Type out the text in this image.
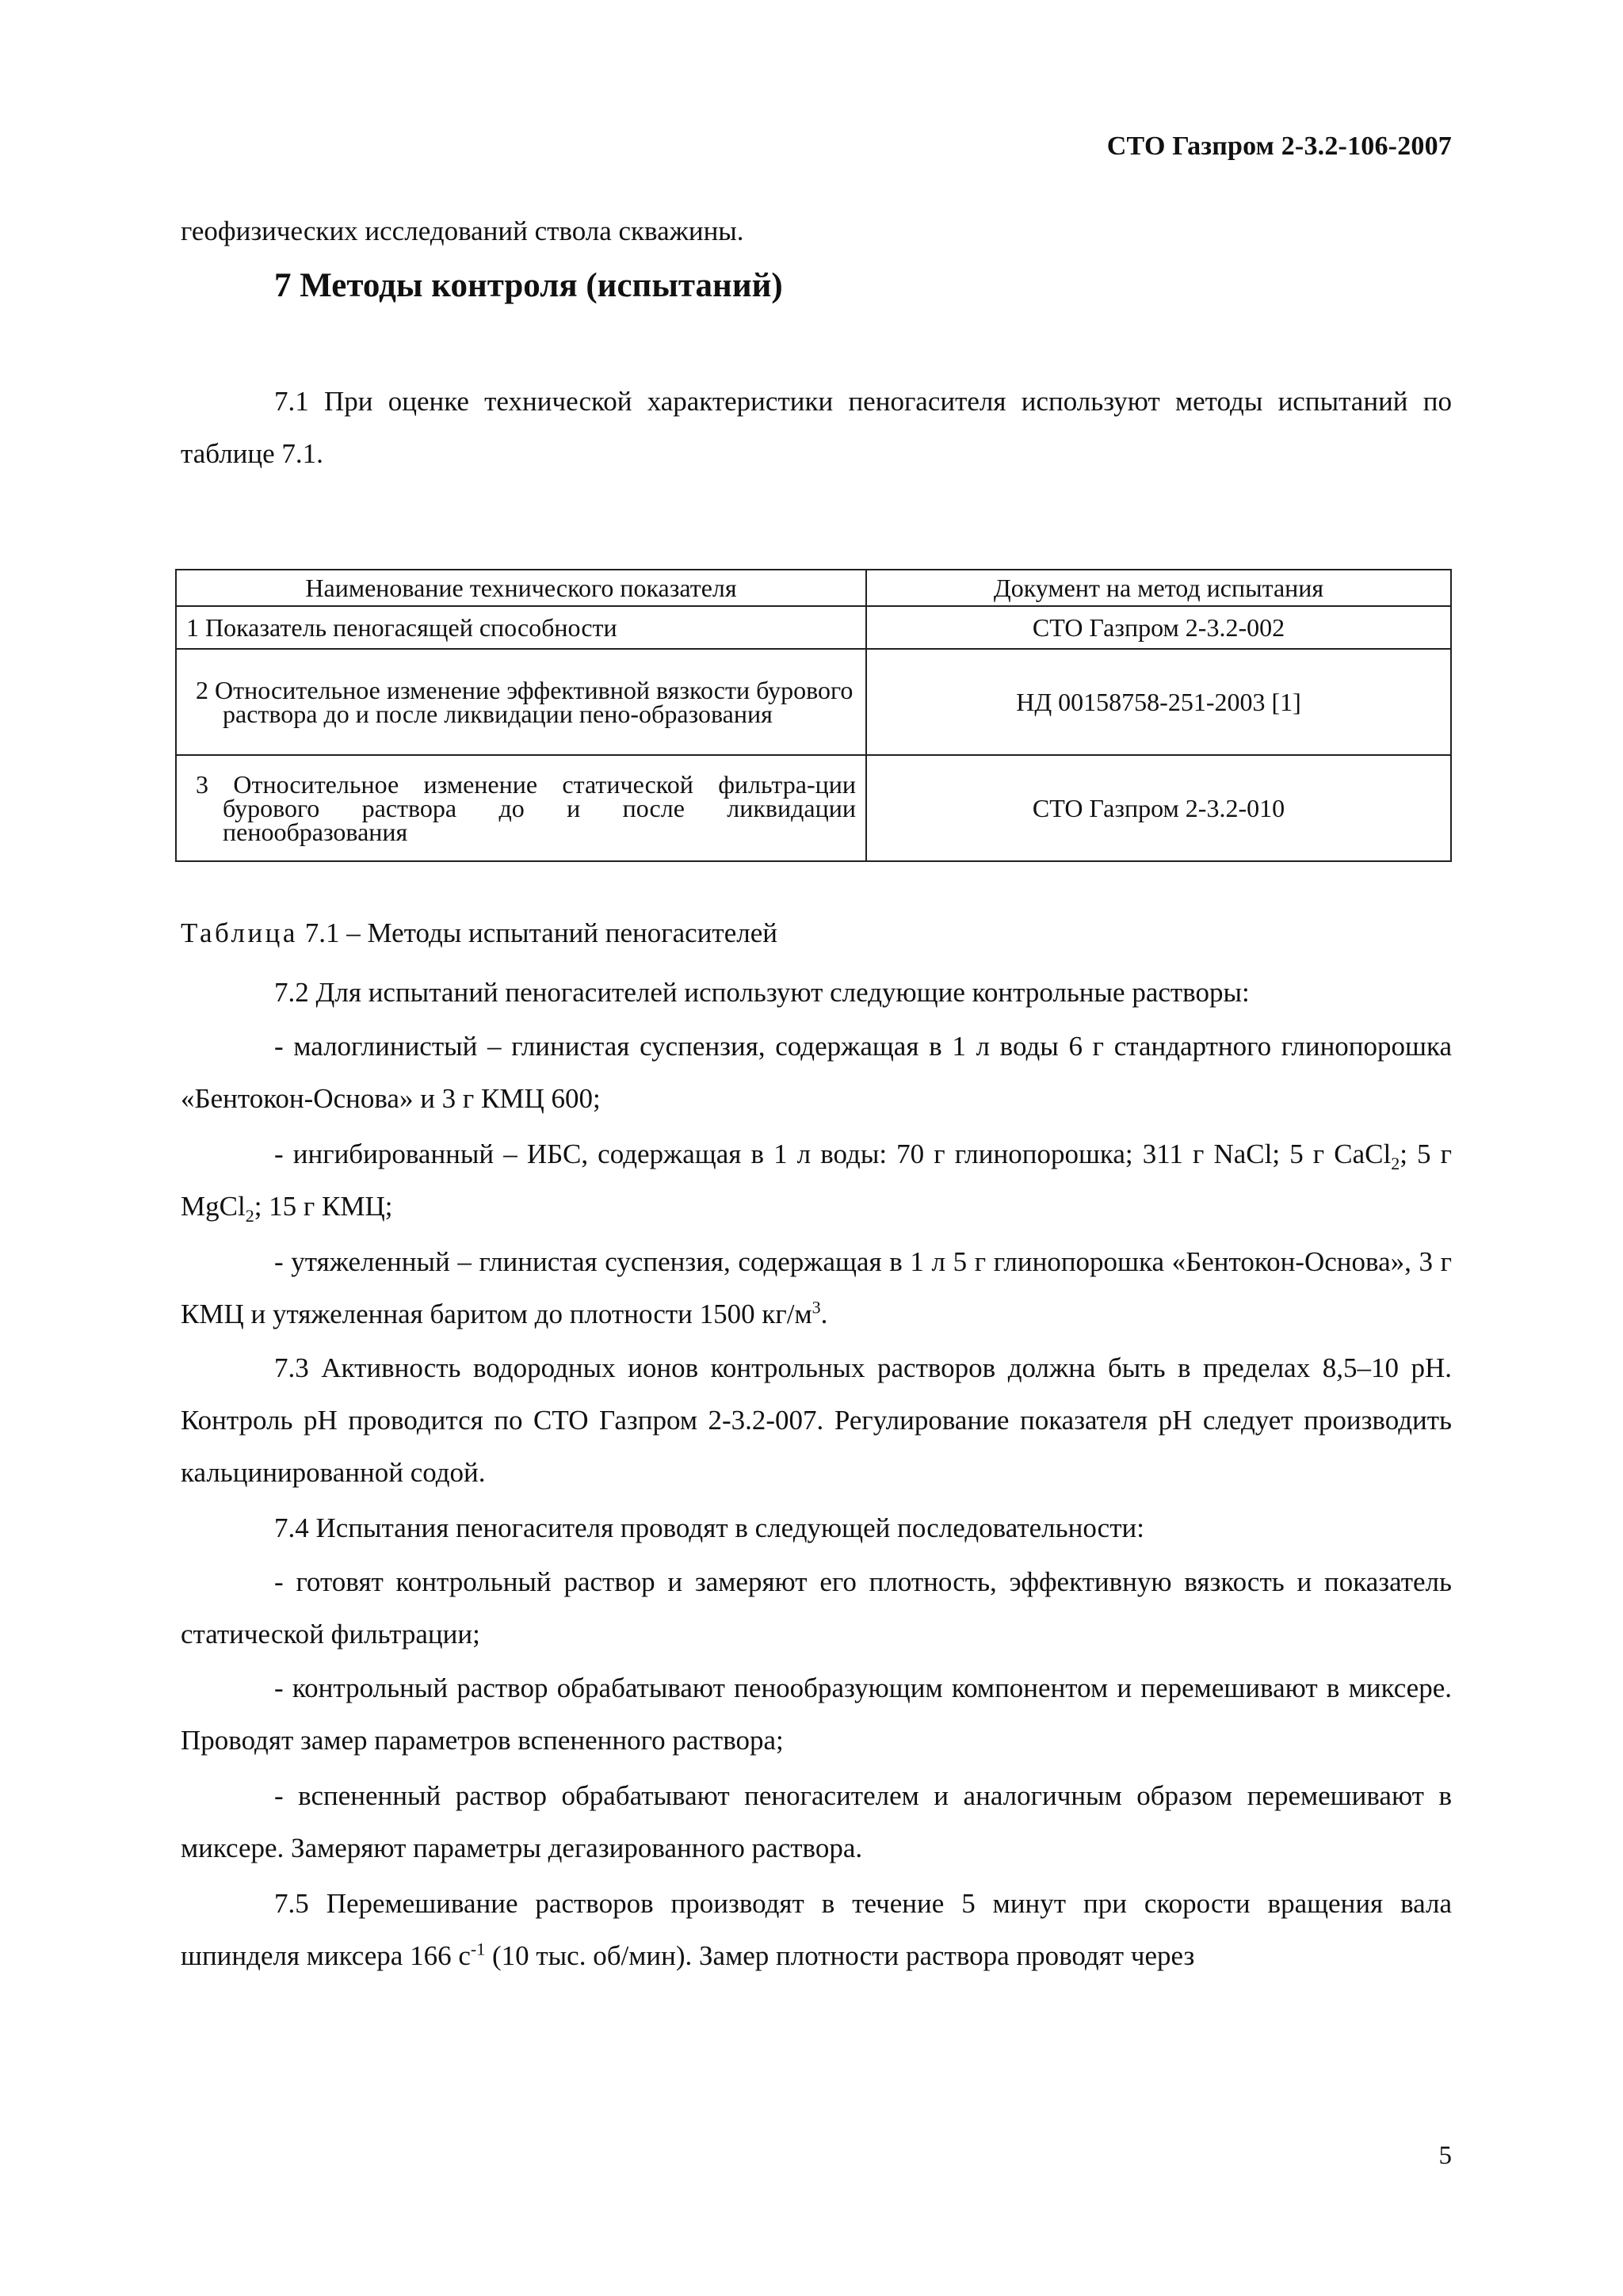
СТО Газпром 2-3.2-106-2007
геофизических исследований ствола скважины.
7 Методы контроля (испытаний)

7.1 При оценке технической характеристики пеногасителя используют методы испытаний по таблице 7.1.

Наименование технического показателя	Документ на метод испытания
1 Показатель пеногасящей способности	СТО Газпром 2-3.2-002
2 Относительное изменение эффективной вязкости бурового раствора до и после ликвидации пено-образования	НД 00158758-251-2003 [1]
3 Относительное изменение статической фильтра-ции бурового раствора до и после ликвидации пенообразования	СТО Газпром 2-3.2-010
Таблица 7.1 – Методы испытаний пеногасителей

7.2 Для испытаний пеногасителей используют следующие контрольные растворы:

- малоглинистый – глинистая суспензия, содержащая в 1 л воды 6 г стандартного глинопорошка «Бентокон-Основа» и 3 г КМЦ 600;

- ингибированный – ИБС, содержащая в 1 л воды: 70 г глинопорошка; 311 г NaCl; 5 г CaCl$_2$; 5 г MgCl$_2$; 15 г КМЦ;

- утяжеленный – глинистая суспензия, содержащая в 1 л 5 г глинопорошка «Бентокон-Основа», 3 г КМЦ и утяжеленная баритом до плотности 1500 $кг/м^3$.

7.3 Активность водородных ионов контрольных растворов должна быть в пределах 8,5–10 pH. Контроль pH проводится по СТО Газпром 2-3.2-007. Регулирование показателя pH следует производить кальцинированной содой.

7.4 Испытания пеногасителя проводят в следующей последовательности:

- готовят контрольный раствор и замеряют его плотность, эффективную вязкость и показатель статической фильтрации;

- контрольный раствор обрабатывают пенообразующим компонентом и перемешивают в миксере. Проводят замер параметров вспененного раствора;

- вспененный раствор обрабатывают пеногасителем и аналогичным образом перемешивают в миксере. Замеряют параметры дегазированного раствора.

7.5 Перемешивание растворов производят в течение 5 минут при скорости вращения вала шпинделя миксера 166 $с^{-1}$ (10 тыс. об/мин). Замер плотности раствора проводят через

5
